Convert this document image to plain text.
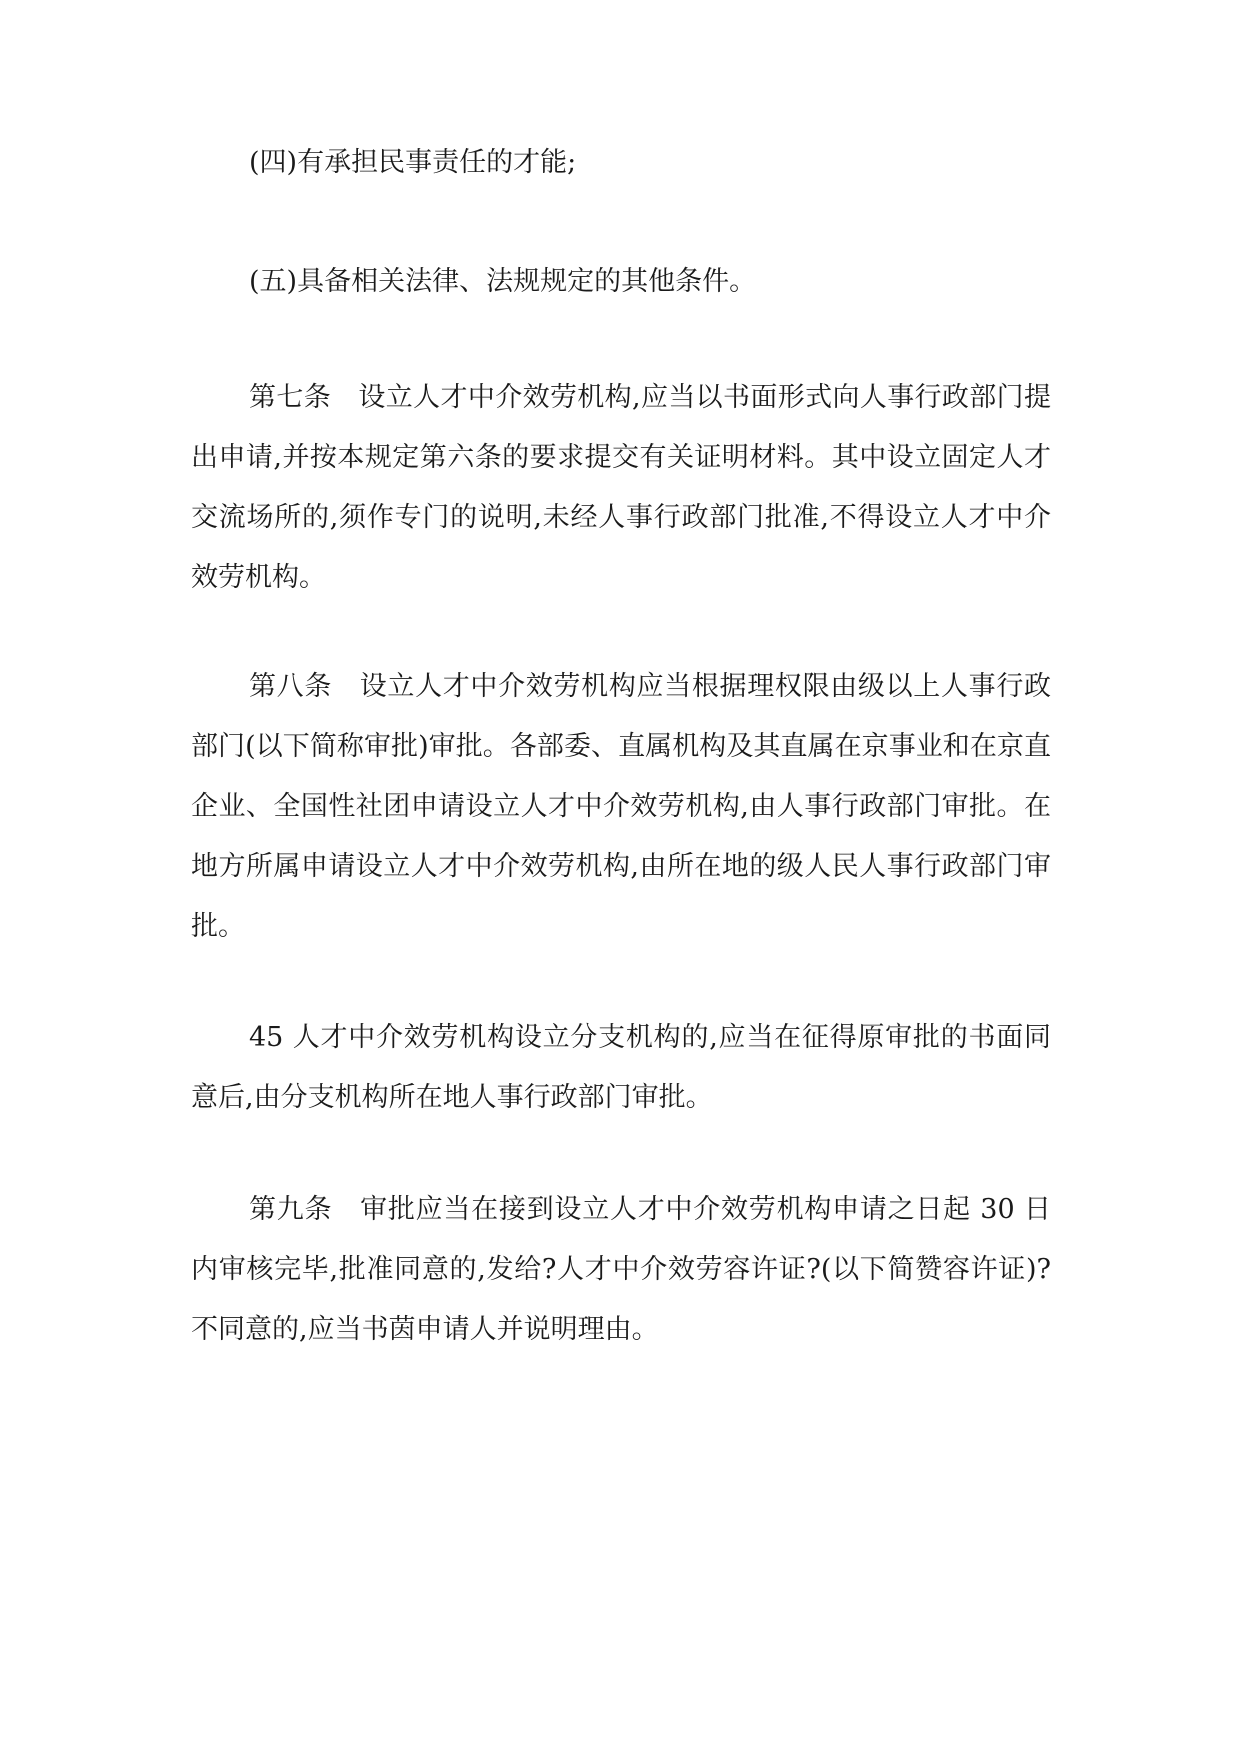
(四)有承担民事责任的才能;

(五)具备相关法律、法规规定的其他条件。

第七条　设立人才中介效劳机构,应当以书面形式向人事行政部门提出申请,并按本规定第六条的要求提交有关证明材料。其中设立固定人才交流场所的,须作专门的说明,未经人事行政部门批准,不得设立人才中介效劳机构。

第八条　设立人才中介效劳机构应当根据理权限由级以上人事行政部门(以下简称审批)审批。各部委、直属机构及其直属在京事业和在京直企业、全国性社团申请设立人才中介效劳机构,由人事行政部门审批。在地方所属申请设立人才中介效劳机构,由所在地的级人民人事行政部门审批。

45 人才中介效劳机构设立分支机构的,应当在征得原审批的书面同意后,由分支机构所在地人事行政部门审批。

第九条　审批应当在接到设立人才中介效劳机构申请之日起 30 日内审核完毕,批准同意的,发给?人才中介效劳容许证?(以下简赞容许证)?不同意的,应当书茵申请人并说明理由。
